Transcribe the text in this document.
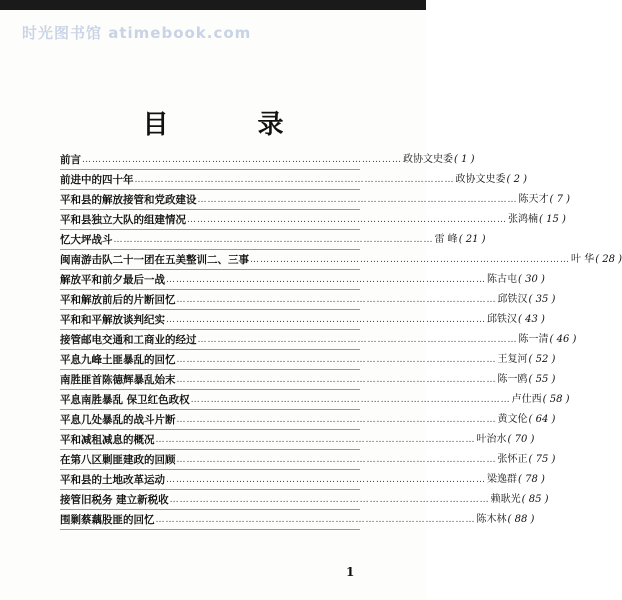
时光图书馆 atimebook.com
目 录
前言 …………………………………………………………………………………… 政协文史委 ( 1 )
前进中的四十年 …………………………………………………………………………………… 政协文史委 ( 2 )
平和县的解放接管和党政建设 …………………………………………………………………………………… 陈天才 ( 7 )
平和县独立大队的组建情况 …………………………………………………………………………………… 张鸿楠 ( 15 )
忆大坪战斗 …………………………………………………………………………………… 雷 峰 ( 21 )
闽南游击队二十一团在五美整训二、三事 …………………………………………………………………………………… 叶 华 ( 28 )
解放平和前夕最后一战 …………………………………………………………………………………… 陈古屯 ( 30 )
平和解放前后的片断回忆 …………………………………………………………………………………… 邱铁汉 ( 35 )
平和和平解放谈判纪实 …………………………………………………………………………………… 邱铁汉 ( 43 )
接管邮电交通和工商业的经过 …………………………………………………………………………………… 陈一清 ( 46 )
平息九峰土匪暴乱的回忆 …………………………………………………………………………………… 王复河 ( 52 )
南胜匪首陈德辉暴乱始末 …………………………………………………………………………………… 陈一鸥 ( 55 )
平息南胜暴乱 保卫红色政权 …………………………………………………………………………………… 卢仕西 ( 58 )
平息几处暴乱的战斗片断 …………………………………………………………………………………… 黄文伦 ( 64 )
平和减租减息的概况 …………………………………………………………………………………… 叶治水 ( 70 )
在第八区剿匪建政的回顾 …………………………………………………………………………………… 张怀正 ( 75 )
平和县的土地改革运动 …………………………………………………………………………………… 梁逸群 ( 78 )
接管旧税务 建立新税收 …………………………………………………………………………………… 赖耿光 ( 85 )
围剿蔡藕股匪的回忆 …………………………………………………………………………………… 陈木林 ( 88 )
1
